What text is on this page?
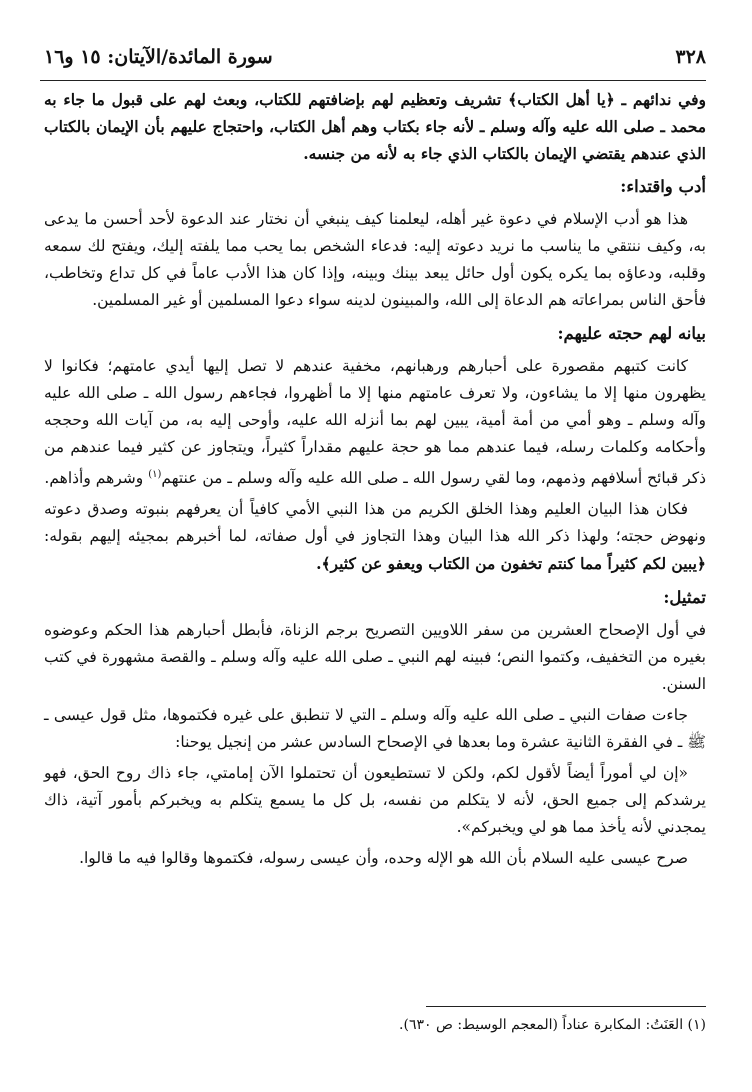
٣٢٨
سورة المائدة/الآيتان: ١٥ و١٦

وفي ندائهم ـ ﴿يا أهل الكتاب﴾ تشريف وتعظيم لهم بإضافتهم للكتاب، وبعث لهم على قبول ما جاء به محمد ـ صلى الله عليه وآله وسلم ـ لأنه جاء بكتاب وهم أهل الكتاب، واحتجاج عليهم بأن الإيمان بالكتاب الذي عندهم يقتضي الإيمان بالكتاب الذي جاء به لأنه من جنسه.

أدب واقتداء:

هذا هو أدب الإسلام في دعوة غير أهله، ليعلمنا كيف ينبغي أن نختار عند الدعوة لأحد أحسن ما يدعى به، وكيف ننتقي ما يناسب ما نريد دعوته إليه: فدعاء الشخص بما يحب مما يلفته إليك، ويفتح لك سمعه وقلبه، ودعاؤه بما يكره يكون أول حائل يبعد بينك وبينه، وإذا كان هذا الأدب عاماً في كل تداع وتخاطب، فأحق الناس بمراعاته هم الدعاة إلى الله، والمبينون لدينه سواء دعوا المسلمين أو غير المسلمين.

بيانه لهم حجته عليهم:

كانت كتبهم مقصورة على أحبارهم ورهبانهم، مخفية عندهم لا تصل إليها أيدي عامتهم؛ فكانوا لا يظهرون منها إلا ما يشاءون، ولا تعرف عامتهم منها إلا ما أظهروا، فجاءهم رسول الله ـ صلى الله عليه وآله وسلم ـ وهو أمي من أمة أمية، يبين لهم بما أنزله الله عليه، وأوحى إليه به، من آيات الله وحججه وأحكامه وكلمات رسله، فيما عندهم مما هو حجة عليهم مقداراً كثيراً، ويتجاوز عن كثير فيما عندهم من ذكر قبائح أسلافهم وذمهم، وما لقي رسول الله ـ صلى الله عليه وآله وسلم ـ من عنتهم$^{(١)}$ وشرهم وأذاهم.

فكان هذا البيان العليم وهذا الخلق الكريم من هذا النبي الأمي كافياً أن يعرفهم بنبوته وصدق دعوته ونهوض حجته؛ ولهذا ذكر الله هذا البيان وهذا التجاوز في أول صفاته، لما أخبرهم بمجيئه إليهم بقوله: ﴿يبين لكم كثيراً مما كنتم تخفون من الكتاب ويعفو عن كثير﴾.

تمثيل:

في أول الإصحاح العشرين من سفر اللاويين التصريح برجم الزناة، فأبطل أحبارهم هذا الحكم وعوضوه بغيره من التخفيف، وكتموا النص؛ فبينه لهم النبي ـ صلى الله عليه وآله وسلم ـ والقصة مشهورة في كتب السنن.

جاءت صفات النبي ـ صلى الله عليه وآله وسلم ـ التي لا تنطبق على غيره فكتموها، مثل قول عيسى ـ ﷺ ـ في الفقرة الثانية عشرة وما بعدها في الإصحاح السادس عشر من إنجيل يوحنا:

«إن لي أموراً أيضاً لأقول لكم، ولكن لا تستطيعون أن تحتملوا الآن إمامتي، جاء ذاك روح الحق، فهو يرشدكم إلى جميع الحق، لأنه لا يتكلم من نفسه، بل كل ما يسمع يتكلم به ويخبركم بأمور آتية، ذاك يمجدني لأنه يأخذ مما هو لي ويخبركم».

صرح عيسى عليه السلام بأن الله هو الإله وحده، وأن عيسى رسوله، فكتموها وقالوا فيه ما قالوا.

(١) العَنَتُ: المكابرة عناداً (المعجم الوسيط: ص ٦٣٠).
